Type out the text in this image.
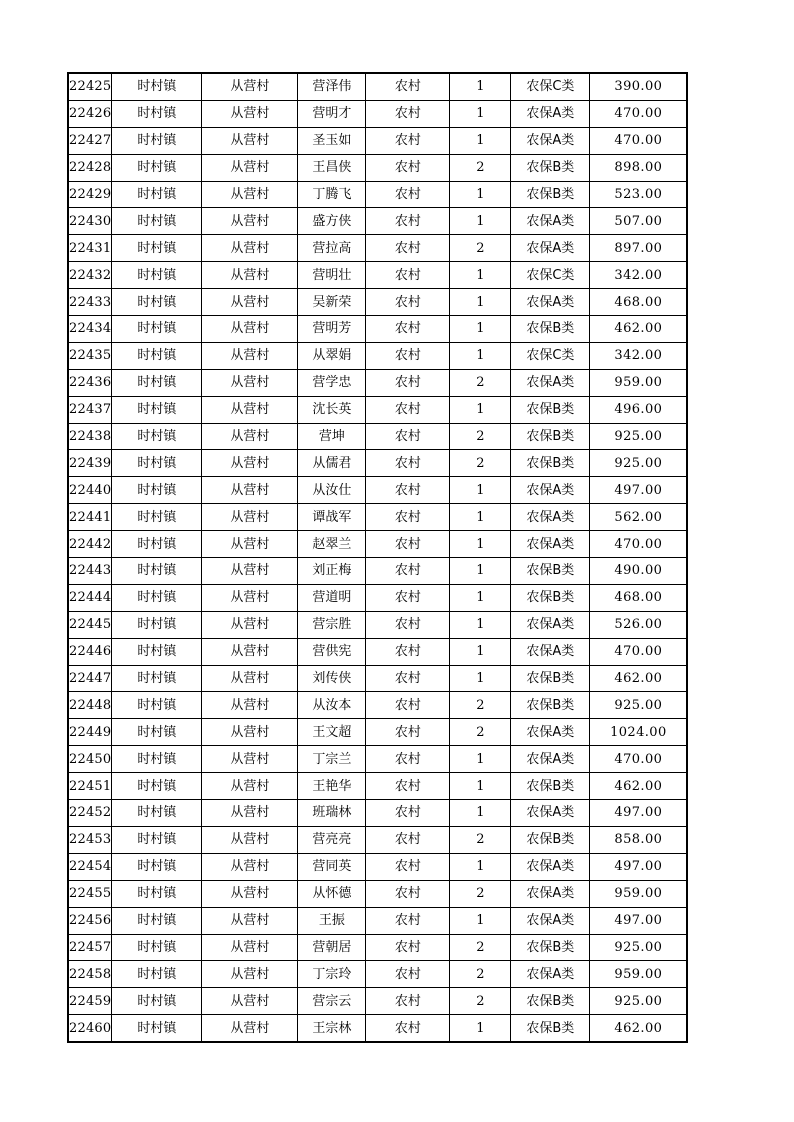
22425	时村镇	从营村	营泽伟	农村	1	农保C类	390.00
22426	时村镇	从营村	营明才	农村	1	农保A类	470.00
22427	时村镇	从营村	圣玉如	农村	1	农保A类	470.00
22428	时村镇	从营村	王昌侠	农村	2	农保B类	898.00
22429	时村镇	从营村	丁腾飞	农村	1	农保B类	523.00
22430	时村镇	从营村	盛方侠	农村	1	农保A类	507.00
22431	时村镇	从营村	营拉高	农村	2	农保A类	897.00
22432	时村镇	从营村	营明壮	农村	1	农保C类	342.00
22433	时村镇	从营村	吴新荣	农村	1	农保A类	468.00
22434	时村镇	从营村	营明芳	农村	1	农保B类	462.00
22435	时村镇	从营村	从翠娟	农村	1	农保C类	342.00
22436	时村镇	从营村	营学忠	农村	2	农保A类	959.00
22437	时村镇	从营村	沈长英	农村	1	农保B类	496.00
22438	时村镇	从营村	营坤	农村	2	农保B类	925.00
22439	时村镇	从营村	从儒君	农村	2	农保B类	925.00
22440	时村镇	从营村	从汝仕	农村	1	农保A类	497.00
22441	时村镇	从营村	谭战军	农村	1	农保A类	562.00
22442	时村镇	从营村	赵翠兰	农村	1	农保A类	470.00
22443	时村镇	从营村	刘正梅	农村	1	农保B类	490.00
22444	时村镇	从营村	营道明	农村	1	农保B类	468.00
22445	时村镇	从营村	营宗胜	农村	1	农保A类	526.00
22446	时村镇	从营村	营供宪	农村	1	农保A类	470.00
22447	时村镇	从营村	刘传侠	农村	1	农保B类	462.00
22448	时村镇	从营村	从汝本	农村	2	农保B类	925.00
22449	时村镇	从营村	王文超	农村	2	农保A类	1024.00
22450	时村镇	从营村	丁宗兰	农村	1	农保A类	470.00
22451	时村镇	从营村	王艳华	农村	1	农保B类	462.00
22452	时村镇	从营村	班瑞林	农村	1	农保A类	497.00
22453	时村镇	从营村	营亮亮	农村	2	农保B类	858.00
22454	时村镇	从营村	营同英	农村	1	农保A类	497.00
22455	时村镇	从营村	从怀德	农村	2	农保A类	959.00
22456	时村镇	从营村	王振	农村	1	农保A类	497.00
22457	时村镇	从营村	营朝居	农村	2	农保B类	925.00
22458	时村镇	从营村	丁宗玲	农村	2	农保A类	959.00
22459	时村镇	从营村	营宗云	农村	2	农保B类	925.00
22460	时村镇	从营村	王宗林	农村	1	农保B类	462.00
